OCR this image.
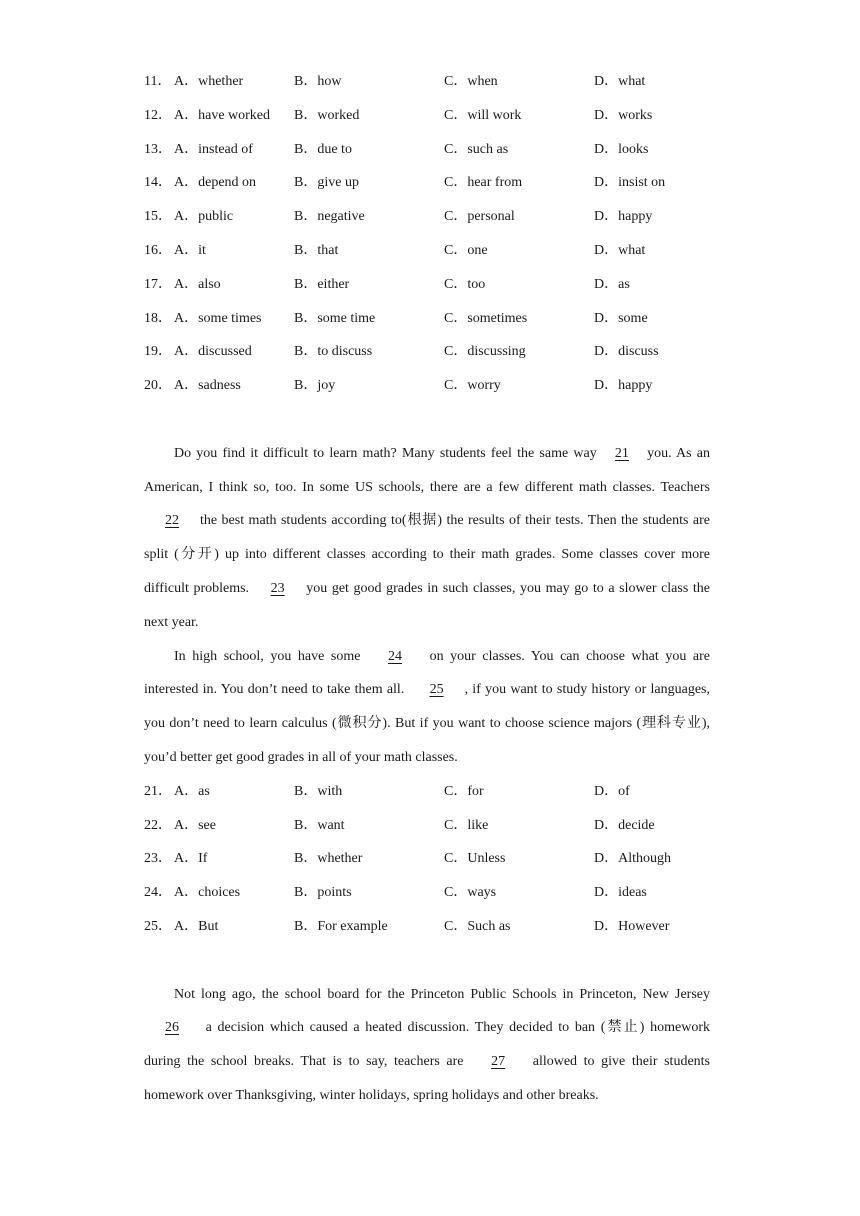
11． A．whether	B．how	C．when	D．what
12． A．have worked B．worked	C．will work	D．works
13． A．instead of	B．due to	C．such as	D．looks
14． A．depend on	B．give up	C．hear from	D．insist on
15． A．public	B．negative	C．personal	D．happy
16． A．it	B．that	C．one	D．what
17． A．also	B．either	C．too	D．as
18． A．some times B．some time	C．sometimes	D．some
19． A．discussed	B．to discuss	C．discussing	D．discuss
20． A．sadness	B．joy	C．worry	D．happy

Do you find it difficult to learn math? Many students feel the same way 21 you. As an American, I think so, too. In some US schools, there are a few different math classes. Teachers 22 the best math students according to(根据) the results of their tests. Then the students are split (分开) up into different classes according to their math grades. Some classes cover more difficult problems. 23 you get good grades in such classes, you may go to a slower class the next year.

In high school, you have some 24 on your classes. You can choose what you are interested in. You don’t need to take them all. 25 , if you want to study history or languages, you don’t need to learn calculus (微积分). But if you want to choose science majors (理科专业), you’d better get good grades in all of your math classes.

21． A．as	B．with	C．for	D．of
22． A．see	B．want	C．like	D．decide
23． A．If	B．whether	C．Unless	D．Although
24． A．choices	B．points	C．ways	D．ideas
25． A．But	B．For example	C．Such as	D．However

Not long ago, the school board for the Princeton Public Schools in Princeton, New Jersey 26 a decision which caused a heated discussion. They decided to ban (禁止) homework during the school breaks. That is to say, teachers are 27 allowed to give their students homework over Thanksgiving, winter holidays, spring holidays and other breaks.
